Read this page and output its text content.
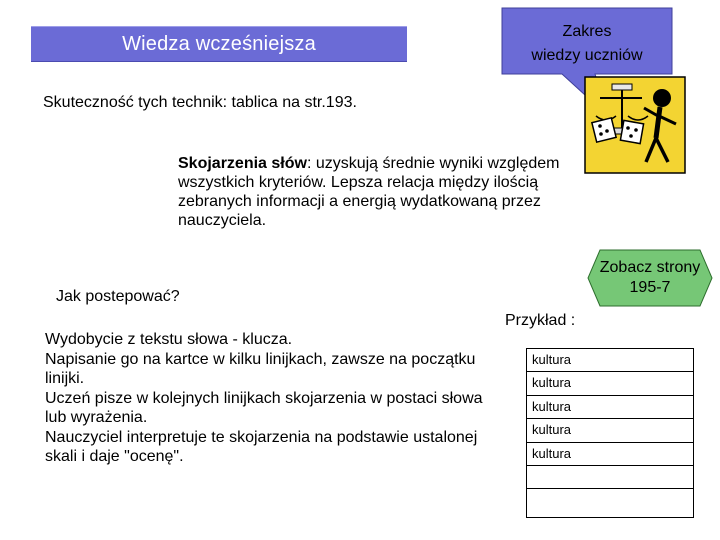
Wiedza wcześniejsza
Zakres
wiedzy uczniów
Skuteczność tych technik: tablica na str.193.
Skojarzenia słów: uzyskują średnie wyniki względem wszystkich kryteriów. Lepsza relacja między ilością zebranych informacji a energią wydatkowaną przez nauczyciela.
Zobacz strony
195-7
Jak postepować?
Przykład :
Wydobycie z tekstu słowa - klucza.
Napisanie go na kartce w kilku linijkach, zawsze na początku linijki.
Uczeń pisze w kolejnych linijkach skojarzenia w postaci słowa lub wyrażenia.
Nauczyciel interpretuje te skojarzenia na podstawie ustalonej skali i daje "ocenę".
kultura
kultura
kultura
kultura
kultura
